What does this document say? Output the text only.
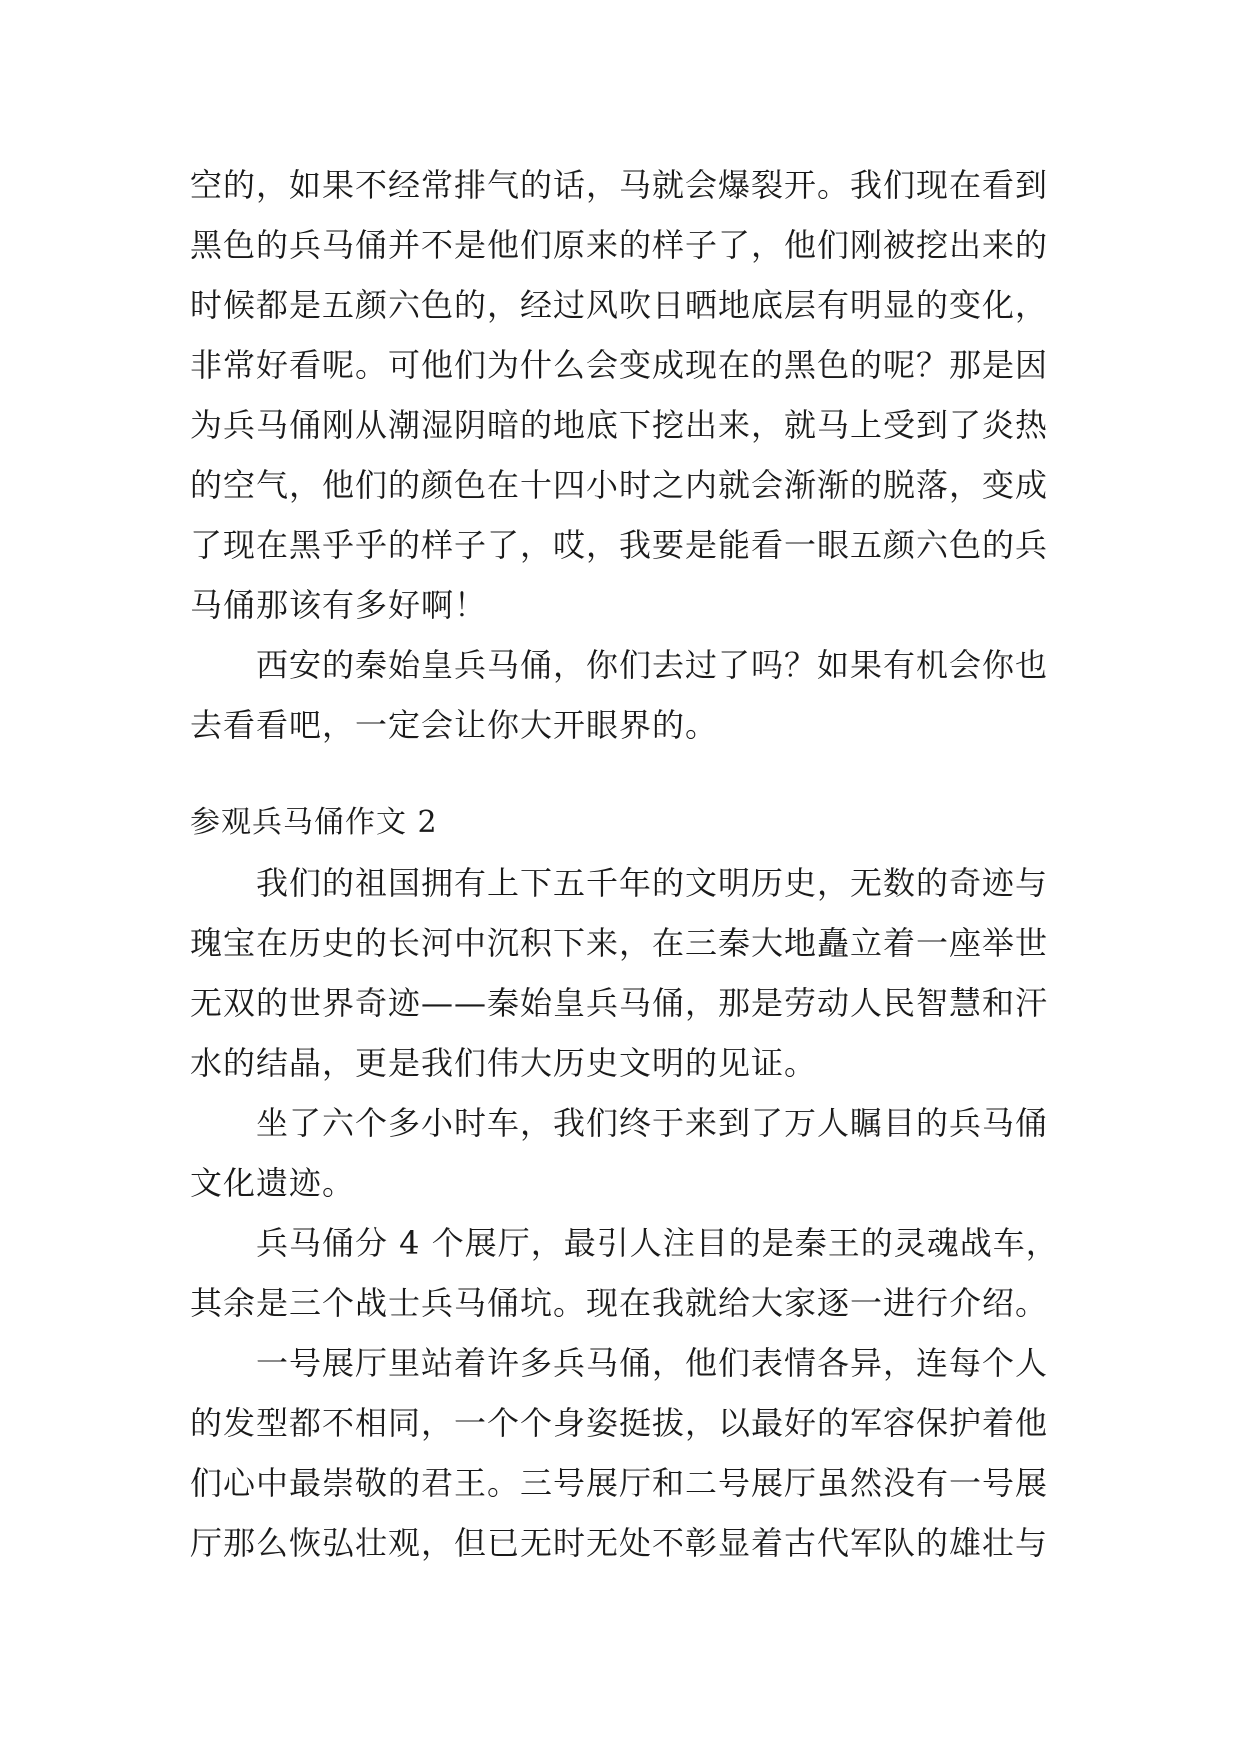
空的，如果不经常排气的话，马就会爆裂开。我们现在看到
黑色的兵马俑并不是他们原来的样子了，他们刚被挖出来的
时候都是五颜六色的，经过风吹日晒地底层有明显的变化，
非常好看呢。可他们为什么会变成现在的黑色的呢？那是因
为兵马俑刚从潮湿阴暗的地底下挖出来，就马上受到了炎热
的空气，他们的颜色在十四小时之内就会渐渐的脱落，变成
了现在黑乎乎的样子了，哎，我要是能看一眼五颜六色的兵
马俑那该有多好啊！
　　西安的秦始皇兵马俑，你们去过了吗？如果有机会你也
去看看吧，一定会让你大开眼界的。
参观兵马俑作文 2
　　我们的祖国拥有上下五千年的文明历史，无数的奇迹与
瑰宝在历史的长河中沉积下来，在三秦大地矗立着一座举世
无双的世界奇迹——秦始皇兵马俑，那是劳动人民智慧和汗
水的结晶，更是我们伟大历史文明的见证。
　　坐了六个多小时车，我们终于来到了万人瞩目的兵马俑
文化遗迹。
　　兵马俑分 4 个展厅，最引人注目的是秦王的灵魂战车，
其余是三个战士兵马俑坑。现在我就给大家逐一进行介绍。
　　一号展厅里站着许多兵马俑，他们表情各异，连每个人
的发型都不相同，一个个身姿挺拔，以最好的军容保护着他
们心中最崇敬的君王。三号展厅和二号展厅虽然没有一号展
厅那么恢弘壮观，但已无时无处不彰显着古代军队的雄壮与
